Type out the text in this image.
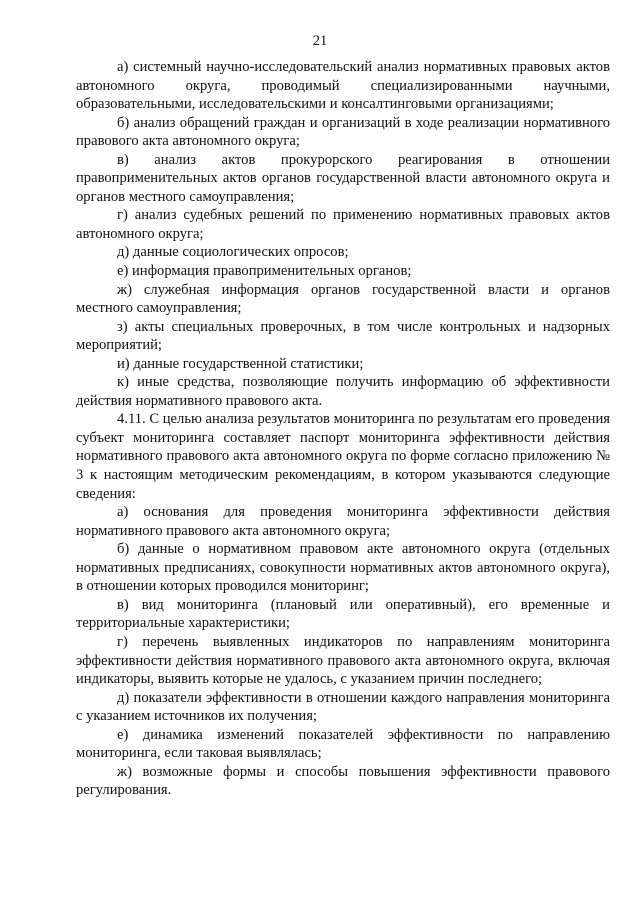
21

а) системный научно-исследовательский анализ нормативных правовых актов автономного округа, проводимый специализированными научными, образовательными, исследовательскими и консалтинговыми организациями;

б) анализ обращений граждан и организаций в ходе реализации нормативного правового акта автономного округа;

в) анализ актов прокурорского реагирования в отношении правоприменительных актов органов государственной власти автономного округа и органов местного самоуправления;

г) анализ судебных решений по применению нормативных правовых актов автономного округа;

д) данные социологических опросов;

е) информация правоприменительных органов;

ж) служебная информация органов государственной власти и органов местного самоуправления;

з) акты специальных проверочных, в том числе контрольных и надзорных мероприятий;

и) данные государственной статистики;

к) иные средства, позволяющие получить информацию об эффективности действия нормативного правового акта.

4.11. С целью анализа результатов мониторинга по результатам его проведения субъект мониторинга составляет паспорт мониторинга эффективности действия нормативного правового акта автономного округа по форме согласно приложению № 3 к настоящим методическим рекомендациям, в котором указываются следующие сведения:

а) основания для проведения мониторинга эффективности действия нормативного правового акта автономного округа;

б) данные о нормативном правовом акте автономного округа (отдельных нормативных предписаниях, совокупности нормативных актов автономного округа), в отношении которых проводился мониторинг;

в) вид мониторинга (плановый или оперативный), его временные и территориальные характеристики;

г) перечень выявленных индикаторов по направлениям мониторинга эффективности действия нормативного правового акта автономного округа, включая индикаторы, выявить которые не удалось, с указанием причин последнего;

д) показатели эффективности в отношении каждого направления мониторинга с указанием источников их получения;

е) динамика изменений показателей эффективности по направлению мониторинга, если таковая выявлялась;

ж) возможные формы и способы повышения эффективности правового регулирования.
